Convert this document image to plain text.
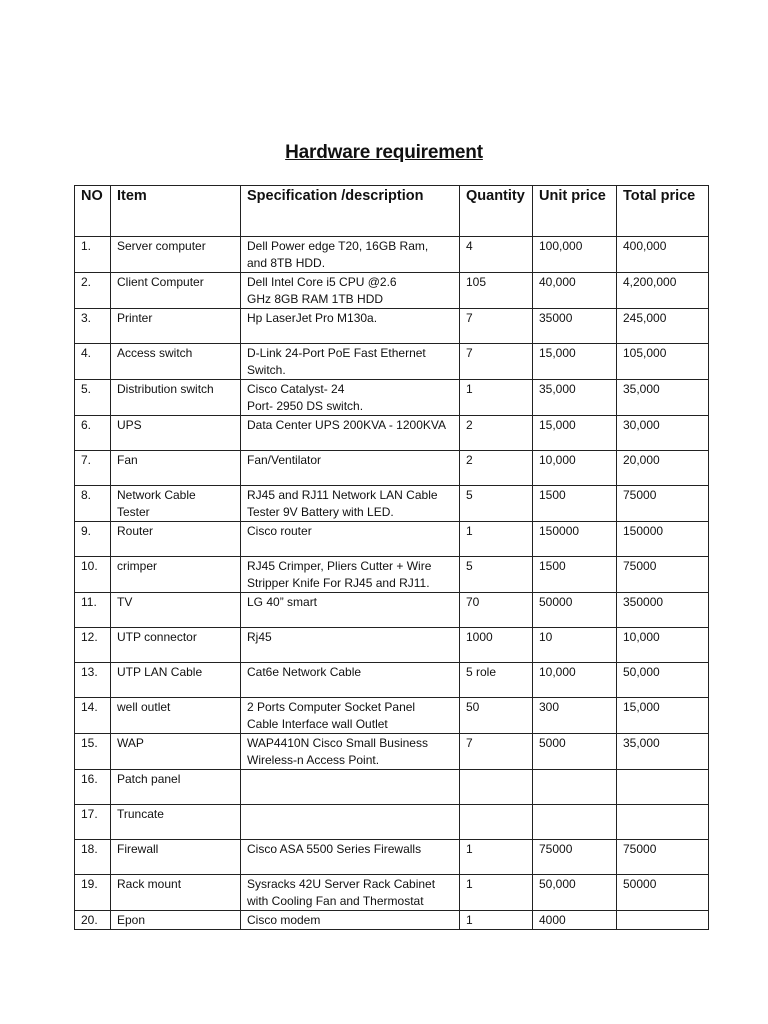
Hardware requirement
NO	Item	Specification /description	Quantity	Unit price	Total price
1.	Server computer	Dell Power edge T20, 16GB Ram,
and 8TB HDD.	4	100,000	400,000
2.	Client Computer	Dell Intel Core i5 CPU @2.6
GHz 8GB RAM 1TB HDD	105	40,000	4,200,000
3.	Printer	Hp LaserJet Pro M130a.	7	35000	245,000
4.	Access switch	D-Link 24-Port PoE Fast Ethernet
Switch.	7	15,000	105,000
5.	Distribution switch	Cisco Catalyst- 24
Port- 2950 DS switch.	1	35,000	35,000
6.	UPS	Data Center UPS 200KVA - 1200KVA	2	15,000	30,000
7.	Fan	Fan/Ventilator	2	10,000	20,000
8.	Network Cable
Tester	RJ45 and RJ11 Network LAN Cable
Tester 9V Battery with LED.	5	1500	75000
9.	Router	Cisco router	1	150000	150000
10.	crimper	RJ45 Crimper, Pliers Cutter + Wire
Stripper Knife For RJ45 and RJ11.	5	1500	75000
11.	TV	LG 40” smart	70	50000	350000
12.	UTP connector	Rj45	1000	10	10,000
13.	UTP LAN Cable	Cat6e Network Cable	5 role	10,000	50,000
14.	well outlet	2 Ports Computer Socket Panel
Cable Interface wall Outlet	50	300	15,000
15.	WAP	WAP4410N Cisco Small Business
Wireless-n Access Point.	7	5000	35,000
16.	Patch panel				
17.	Truncate				
18.	Firewall	Cisco ASA 5500 Series Firewalls	1	75000	75000
19.	Rack mount	Sysracks 42U Server Rack Cabinet
with Cooling Fan and Thermostat	1	50,000	50000
20.	Epon	Cisco modem	1	4000	
